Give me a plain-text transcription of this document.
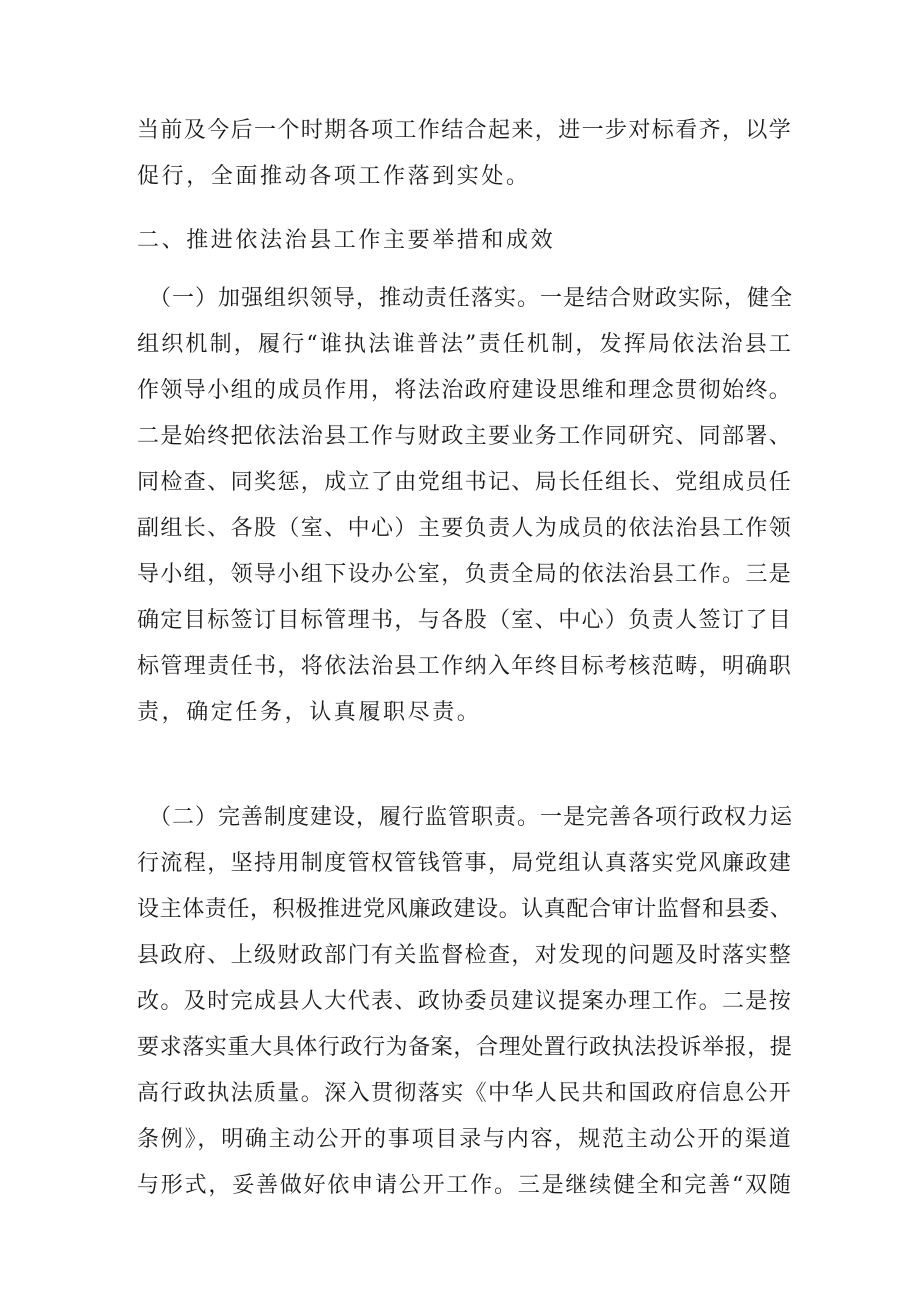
当前及今后一个时期各项工作结合起来，进一步对标看齐，以学
促行，全面推动各项工作落到实处。
二、推进依法治县工作主要举措和成效
（一）加强组织领导，推动责任落实。一是结合财政实际，健全
组织机制，履行“谁执法谁普法”责任机制，发挥局依法治县工
作领导小组的成员作用，将法治政府建设思维和理念贯彻始终。
二是始终把依法治县工作与财政主要业务工作同研究、同部署、
同检查、同奖惩，成立了由党组书记、局长任组长、党组成员任
副组长、各股（室、中心）主要负责人为成员的依法治县工作领
导小组，领导小组下设办公室，负责全局的依法治县工作。三是
确定目标签订目标管理书，与各股（室、中心）负责人签订了目
标管理责任书，将依法治县工作纳入年终目标考核范畴，明确职
责，确定任务，认真履职尽责。
（二）完善制度建设，履行监管职责。一是完善各项行政权力运
行流程，坚持用制度管权管钱管事，局党组认真落实党风廉政建
设主体责任，积极推进党风廉政建设。认真配合审计监督和县委、
县政府、上级财政部门有关监督检查，对发现的问题及时落实整
改。及时完成县人大代表、政协委员建议提案办理工作。二是按
要求落实重大具体行政行为备案，合理处置行政执法投诉举报，提
高行政执法质量。深入贯彻落实《中华人民共和国政府信息公开
条例》，明确主动公开的事项目录与内容，规范主动公开的渠道
与形式，妥善做好依申请公开工作。三是继续健全和完善“双随
